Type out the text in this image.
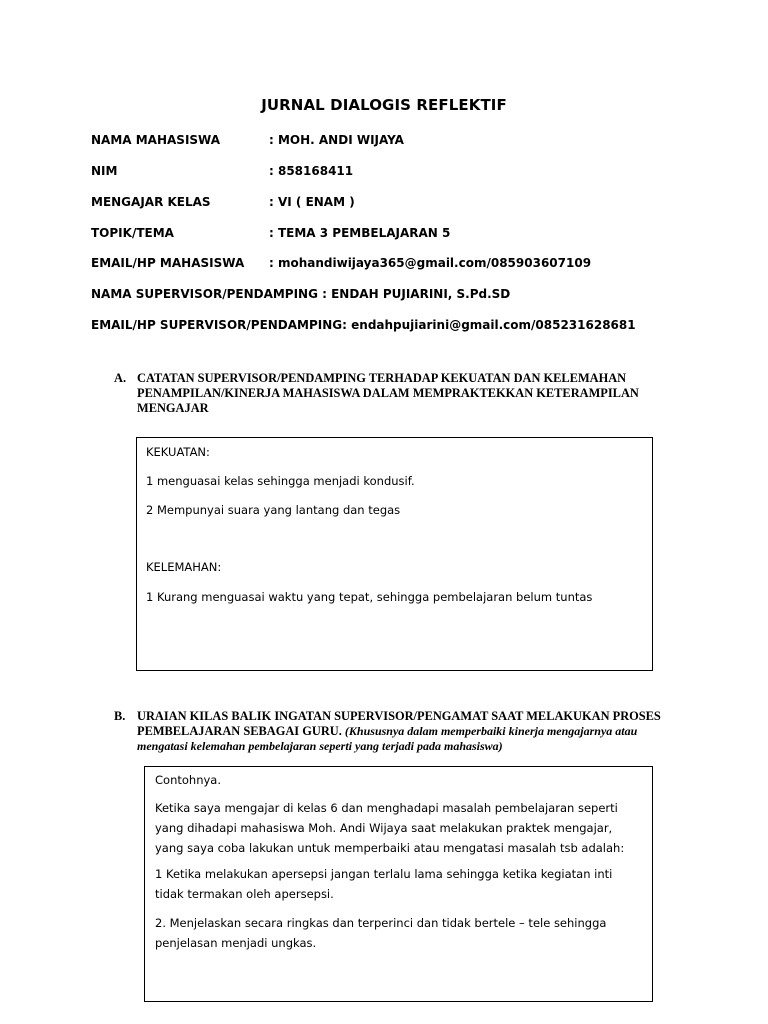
JURNAL DIALOGIS REFLEKTIF
NAMA MAHASISWA	: MOH. ANDI WIJAYA
NIM	: 858168411
MENGAJAR KELAS	: VI ( ENAM )
TOPIK/TEMA	: TEMA 3 PEMBELAJARAN 5
EMAIL/HP MAHASISWA : mohandiwijaya365@gmail.com/085903607109
NAMA SUPERVISOR/PENDAMPING : ENDAH PUJIARINI, S.Pd.SD
EMAIL/HP SUPERVISOR/PENDAMPING: endahpujiarini@gmail.com/085231628681
A. CATATAN SUPERVISOR/PENDAMPING TERHADAP KEKUATAN DAN KELEMAHAN PENAMPILAN/KINERJA MAHASISWA DALAM MEMPRAKTEKKAN KETERAMPILAN MENGAJAR
KEKUATAN:
1 menguasai kelas sehingga menjadi kondusif.
2 Mempunyai suara yang lantang dan tegas
KELEMAHAN:
1 Kurang menguasai waktu yang tepat, sehingga pembelajaran belum tuntas
B. URAIAN KILAS BALIK INGATAN SUPERVISOR/PENGAMAT SAAT MELAKUKAN PROSES PEMBELAJARAN SEBAGAI GURU. (Khususnya dalam memperbaiki kinerja mengajarnya atau mengatasi kelemahan pembelajaran seperti yang terjadi pada mahasiswa)
Contohnya.
Ketika saya mengajar di kelas 6 dan menghadapi masalah pembelajaran seperti yang dihadapi mahasiswa Moh. Andi Wijaya saat melakukan praktek mengajar, yang saya coba lakukan untuk memperbaiki atau mengatasi masalah tsb adalah:
1 Ketika melakukan apersepsi jangan terlalu lama sehingga ketika kegiatan inti tidak termakan oleh apersepsi.
2. Menjelaskan secara ringkas dan terperinci dan tidak bertele – tele sehingga penjelasan menjadi ungkas.
